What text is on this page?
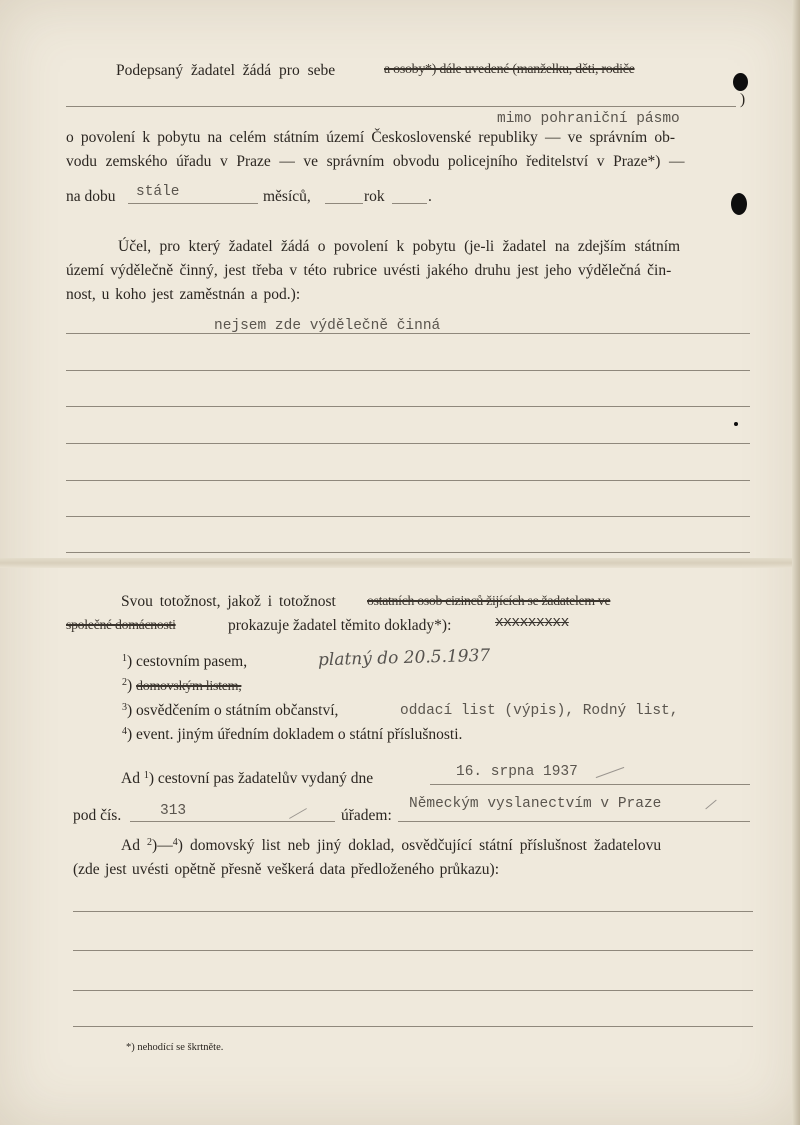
Podepsaný žadatel žádá pro sebe	a osoby*) dále uvedené (manželku, děti, rodiče
)
mimo pohraniční pásmo
o povolení k pobytu na celém státním území Československé republiky — ve správním ob-
vodu zemského úřadu v Praze — ve správním obvodu policejního ředitelství v Praze*) —
na dobu stále	měsíců,	rok	.
Účel, pro který žadatel žádá o povolení k pobytu (je-li žadatel na zdejším státním
území výdělečně činný, jest třeba v této rubrice uvésti jakého druhu jest jeho výdělečná čin-
nost, u koho jest zaměstnán a pod.):
nejsem zde výdělečně činná
Svou totožnost, jakož i totožnost ostatních osob cizinců žijících se žadatelem ve
společné domácnosti	prokazuje žadatel těmito doklady*):	xxxxxxxxx
$^1$) cestovním pasem,	platný do 20.5.1937
$^2$) domovským listem,
$^3$) osvědčením o státním občanství,	oddací list (výpis), Rodný list,
$^4$) event. jiným úředním dokladem o státní příslušnosti.
Ad $^1$) cestovní pas žadatelův vydaný dne	16. srpna 1937
pod čís.	313	úřadem:
Německým vyslanectvím v Praze
Ad $^2$)—$^4$) domovský list neb jiný doklad, osvědčující státní příslušnost žadatelovu
(zde jest uvésti opětně přesně veškerá data předloženého průkazu):
*) nehodící se škrtněte.
